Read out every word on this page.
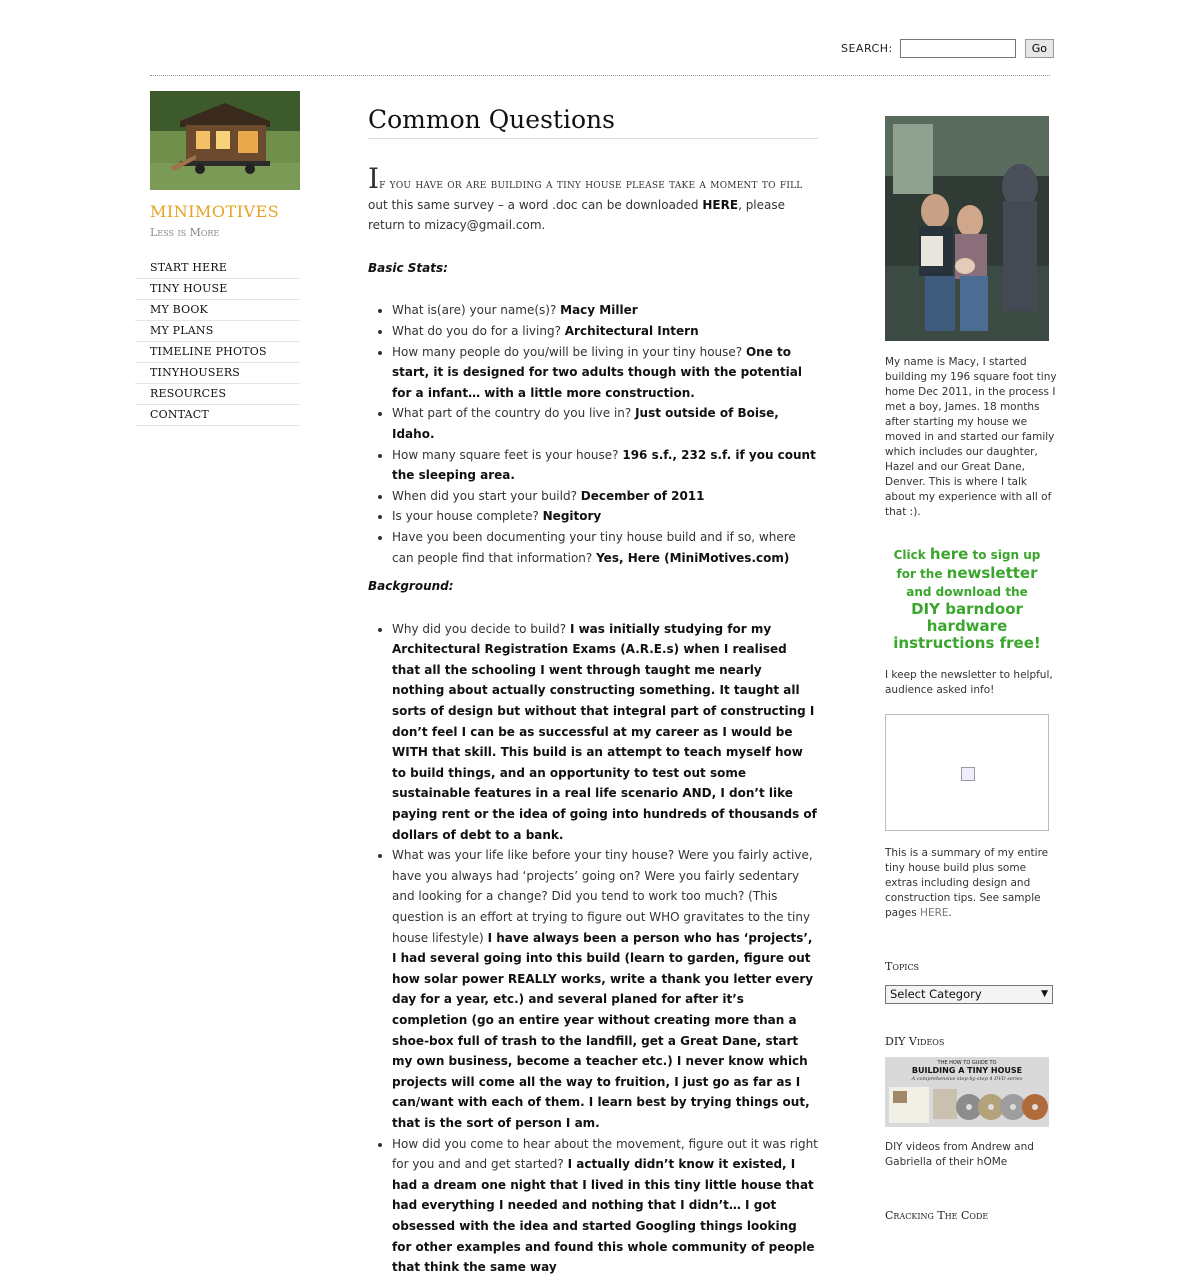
SEARCH:	Go
MINIMOTIVES
Less is More
START HERE
TINY HOUSE
MY BOOK
MY PLANS
TIMELINE PHOTOS
TINYHOUSERS
RESOURCES
CONTACT
Common Questions
If you have or are building a tiny house please take a moment to fill out this same survey – a word .doc can be downloaded HERE, please return to mizacy@gmail.com.
Basic Stats:
• What is(are) your name(s)? Macy Miller
• What do you do for a living? Architectural Intern
• How many people do you/will be living in your tiny house? One to start, it is designed for two adults though with the potential for a infant… with a little more construction.
• What part of the country do you live in? Just outside of Boise, Idaho.
• How many square feet is your house? 196 s.f., 232 s.f. if you count the sleeping area.
• When did you start your build? December of 2011
• Is your house complete? Negitory
• Have you been documenting your tiny house build and if so, where can people find that information? Yes, Here (MiniMotives.com)
Background:
• Why did you decide to build? I was initially studying for my Architectural Registration Exams (A.R.E.s) when I realised that all the schooling I went through taught me nearly nothing about actually constructing something. It taught all sorts of design but without that integral part of constructing I don’t feel I can be as successful at my career as I would be WITH that skill. This build is an attempt to teach myself how to build things, and an opportunity to test out some sustainable features in a real life scenario AND, I don’t like paying rent or the idea of going into hundreds of thousands of dollars of debt to a bank.
• What was your life like before your tiny house? Were you fairly active, have you always had ‘projects’ going on? Were you fairly sedentary and looking for a change? Did you tend to work too much? (This question is an effort at trying to figure out WHO gravitates to the tiny house lifestyle) I have always been a person who has ‘projects’, I had several going into this build (learn to garden, figure out how solar power REALLY works, write a thank you letter every day for a year, etc.) and several planed for after it’s completion (go an entire year without creating more than a shoe-box full of trash to the landfill, get a Great Dane, start my own business, become a teacher etc.) I never know which projects will come all the way to fruition, I just go as far as I can/want with each of them. I learn best by trying things out, that is the sort of person I am.
• How did you come to hear about the movement, figure out it was right for you and and get started? I actually didn’t know it existed, I had a dream one night that I lived in this tiny little house that had everything I needed and nothing that I didn’t… I got obsessed with the idea and started Googling things looking for other examples and found this whole community of people that think the same way
My name is Macy, I started building my 196 square foot tiny home Dec 2011, in the process I met a boy, James. 18 months after starting my house we moved in and started our family which includes our daughter, Hazel and our Great Dane, Denver. This is where I talk about my experience with all of that :).
Click here to sign up
for the newsletter
and download the
DIY barndoor hardware
instructions free!
I keep the newsletter to helpful, audience asked info!
This is a summary of my entire tiny house build plus some extras including design and construction tips. See sample pages HERE.
Topics
Select Category	▼
DIY Videos
THE HOW TO GUIDE TO
BUILDING A TINY HOUSE
A comprehensive step-by-step 4 DVD series
DIY videos from Andrew and Gabriella of their hOMe
Cracking The Code
